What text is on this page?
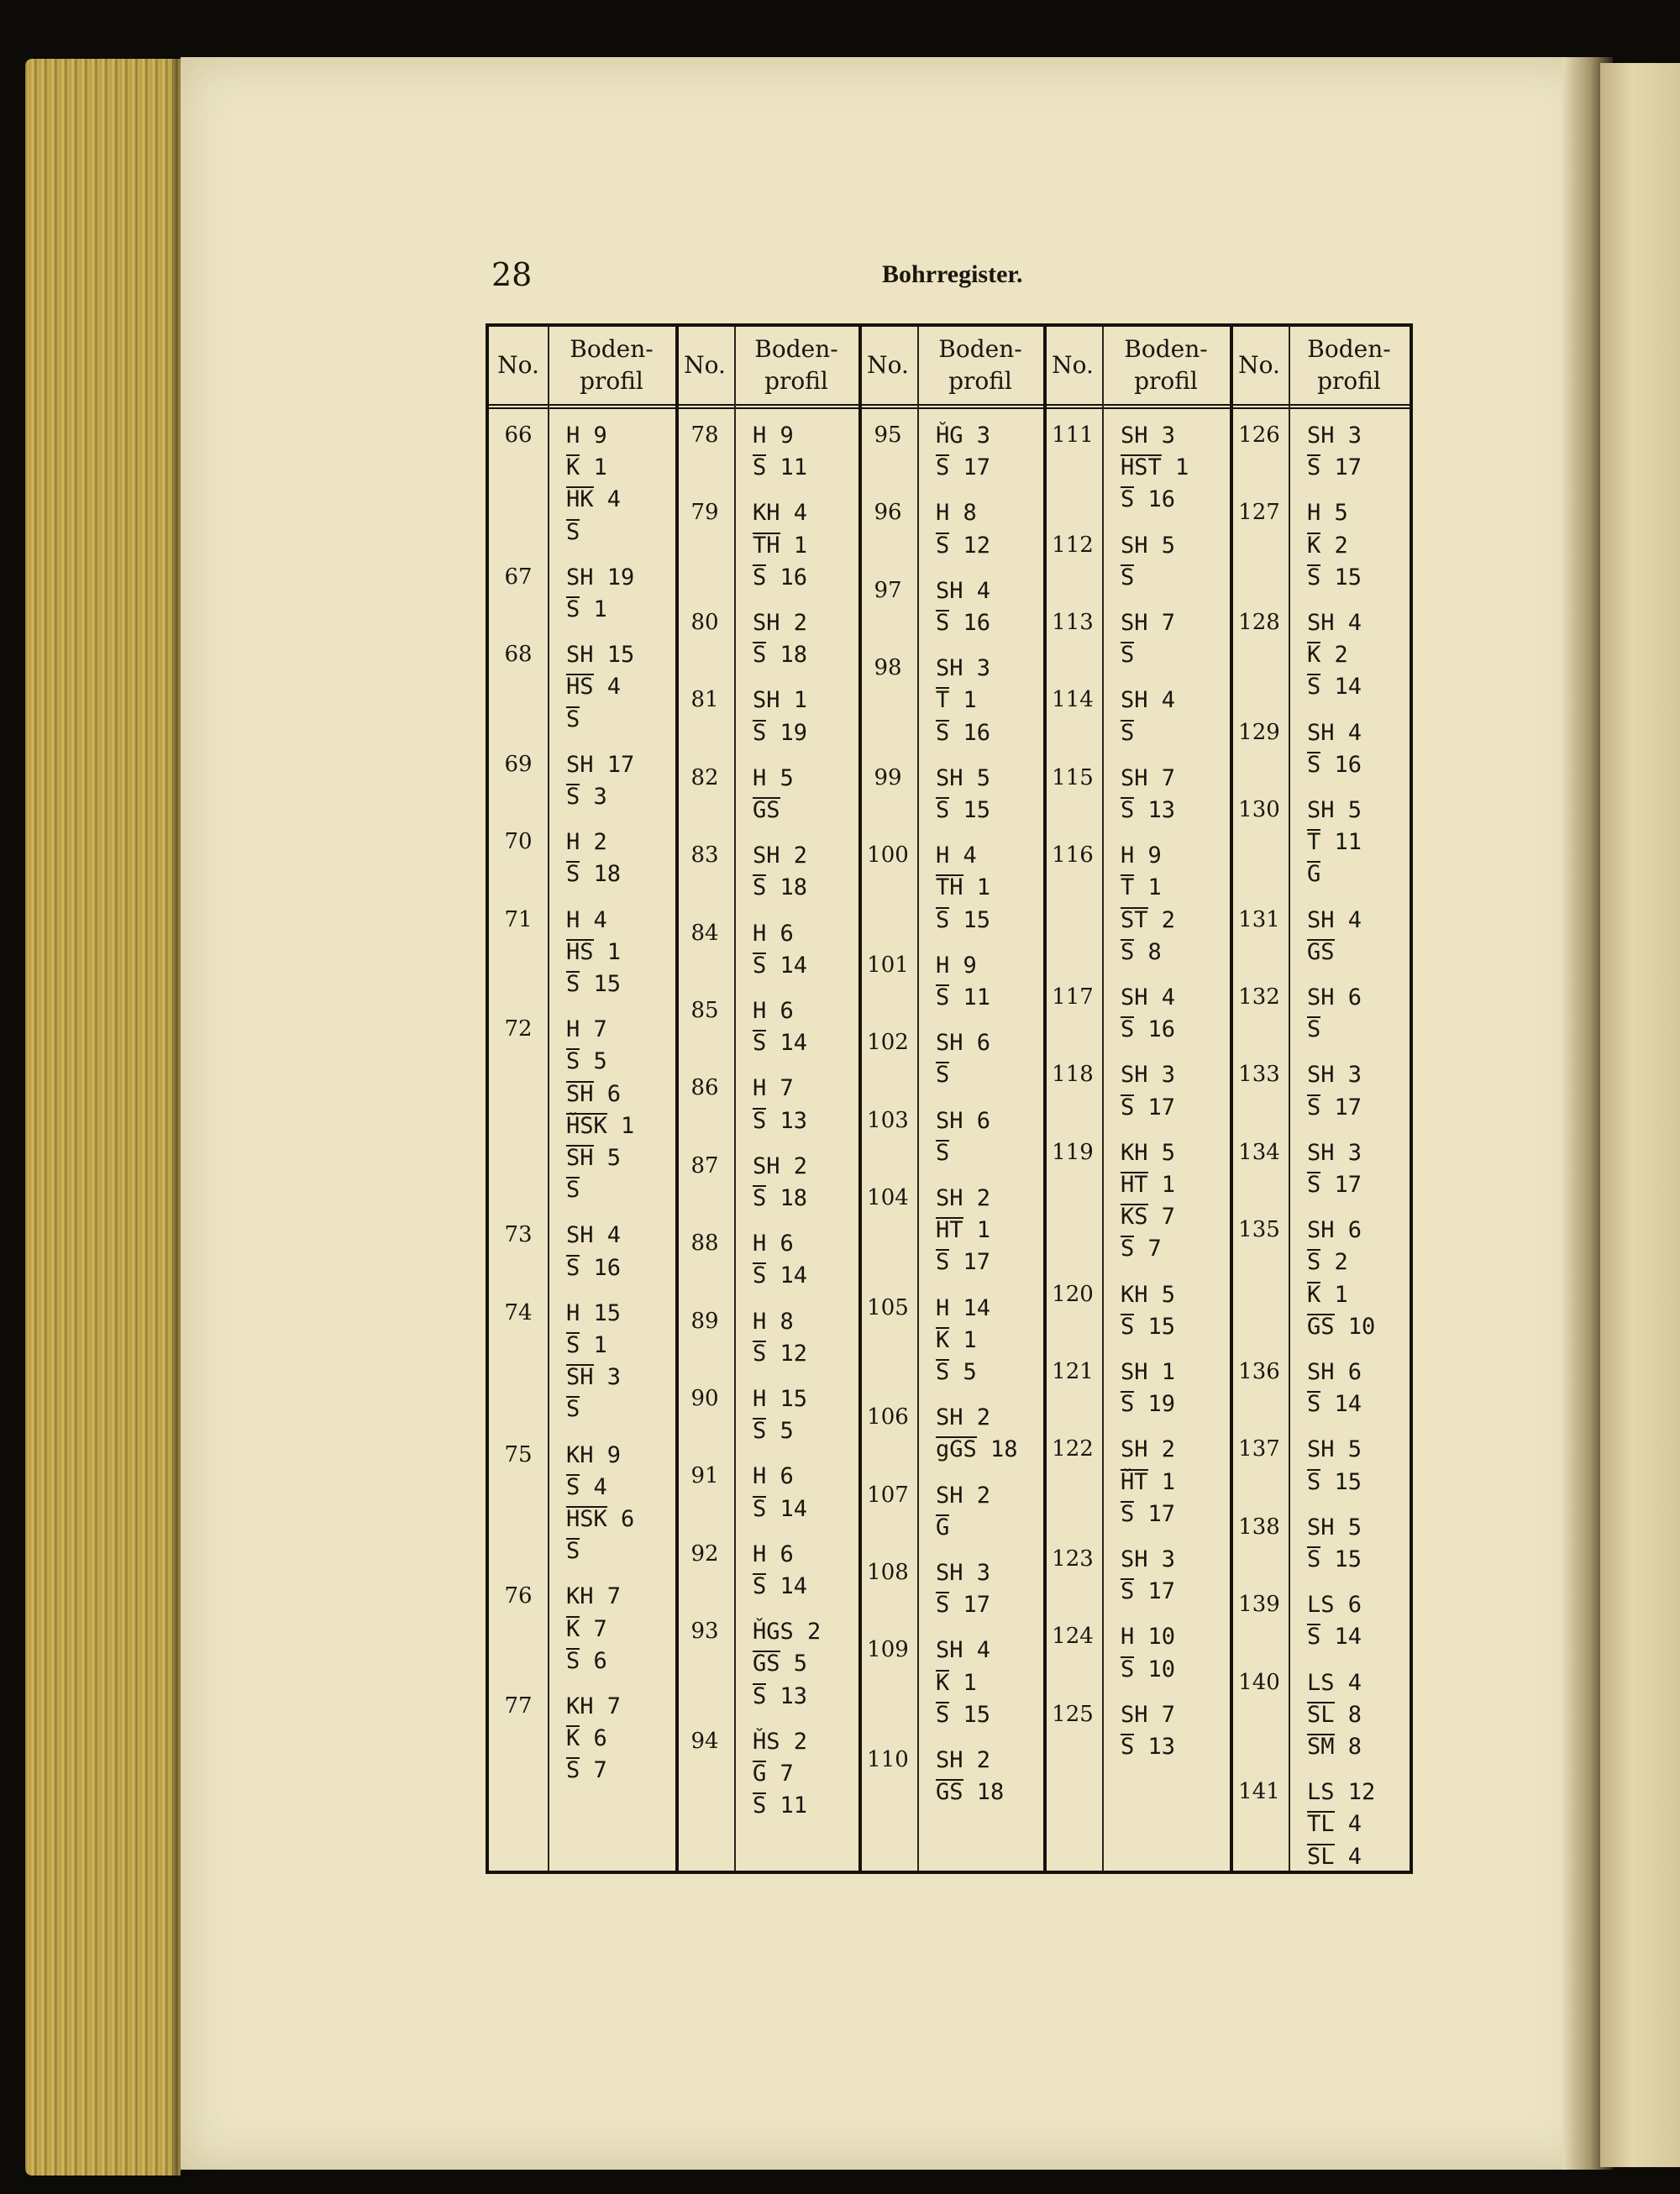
28	Bohrregister.
No.
Boden-
profil
No.
Boden-
profil
No.
Boden-
profil
No.
Boden-
profil
No.
Boden-
profil
66	H 9
K 1
HK 4
S
67	SH 19
S 1
68	SH 15
HS 4
S
69	SH 17
S 3
70	H 2
S 18
71	H 4
HS 1
S 15
72	H 7
S 5
SH 6
ȞSK 1
SH 5
S
73	SH 4
S 16
74	H 15
S 1
SH 3
S
75	KH 9
S 4
HSK 6
S
76	KH 7
K 7
S 6
77	KH 7
K 6
S 7
78	H 9
S 11
79	KH 4
TH 1
S 16
80	SH 2
S 18
81	SH 1
S 19
82	H 5
GS
83	SH 2
S 18
84	H 6
S 14
85	H 6
S 14
86	H 7
S 13
87	SH 2
S 18
88	H 6
S 14
89	H 8
S 12
90	H 15
S 5
91	H 6
S 14
92	H 6
S 14
93	ȞGS 2
GS 5
S 13
94	ȞS 2
G 7
S 11
95	ȞG 3
S 17
96	H 8
S 12
97	SH 4
S 16
98	SH 3
T 1
S 16
99	SH 5
S 15
100	H 4
TH 1
S 15
101	H 9
S 11
102	SH 6
S
103	SH 6
S
104	SH 2
HT 1
S 17
105	H 14
K 1
S 5
106	SH 2
gGS 18
107	SH 2
G
108	SH 3
S 17
109	SH 4
K 1
S 15
110	SH 2
GS 18
111	SH 3
HST 1
S 16
112	SH 5
S
113	SH 7
S
114	SH 4
S
115	SH 7
S 13
116	H 9
T 1
ST 2
S 8
117	SH 4
S 16
118	SH 3
S 17
119	KH 5
HT 1
KS 7
S 7
120	KH 5
S 15
121	SH 1
S 19
122	SH 2
ȞT 1
S 17
123	SH 3
S 17
124	H 10
S 10
125	SH 7
S 13
126	SH 3
S 17
127	H 5
K 2
S 15
128	SH 4
K 2
S 14
129	SH 4
S 16
130	SH 5
T 11
G
131	SH 4
GS
132	SH 6
S
133	SH 3
S 17
134	SH 3
S 17
135	SH 6
S 2
K 1
GS 10
136	SH 6
S 14
137	SH 5
S 15
138	SH 5
S 15
139	LS 6
S 14
140	LS 4
SL 8
SM 8
141	LS 12
TL 4
SL 4
